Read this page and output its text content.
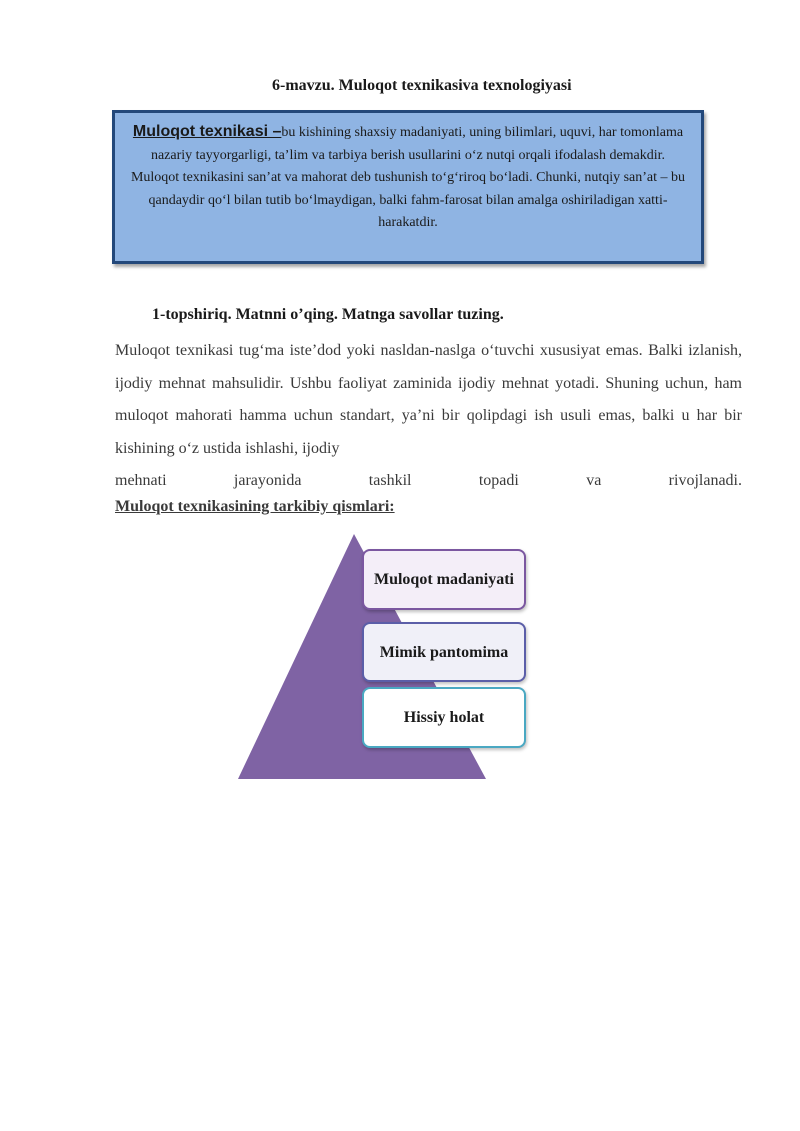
6-mavzu. Muloqot texnikasiva texnologiyasi
Muloqot texnikasi –bu kishining shaxsiy madaniyati, uning bilimlari, uquvi, har tomonlama nazariy tayyorgarligi, ta’lim va tarbiya berish usullarini oʻz nutqi orqali ifodalash demakdir. Muloqot texnikasini san’at va mahorat deb tushunish to‘gʻriroq boʻladi. Chunki, nutqiy san’at – bu qandaydir qoʻl bilan tutib boʻlmaydigan, balki fahm-farosat bilan amalga oshiriladigan xatti-harakatdir.
1-topshiriq. Matnni o’qing. Matnga savollar tuzing.

Muloqot texnikasi tug‘ma iste’dod yoki nasldan-naslga o‘tuvchi xususiyat emas. Balki izlanish, ijodiy mehnat mahsulidir. Ushbu faoliyat zaminida ijodiy mehnat yotadi. Shuning uchun, ham muloqot mahorati hamma uchun standart, ya’ni bir qolipdagi ish usuli emas, balki u har bir kishining o‘z ustida ishlashi, ijodiy
mehnati jarayonida tashkil topadi va rivojlanadi.

Muloqot texnikasining tarkibiy qismlari:
Muloqot madaniyati
Mimik pantomima
Hissiy holat
